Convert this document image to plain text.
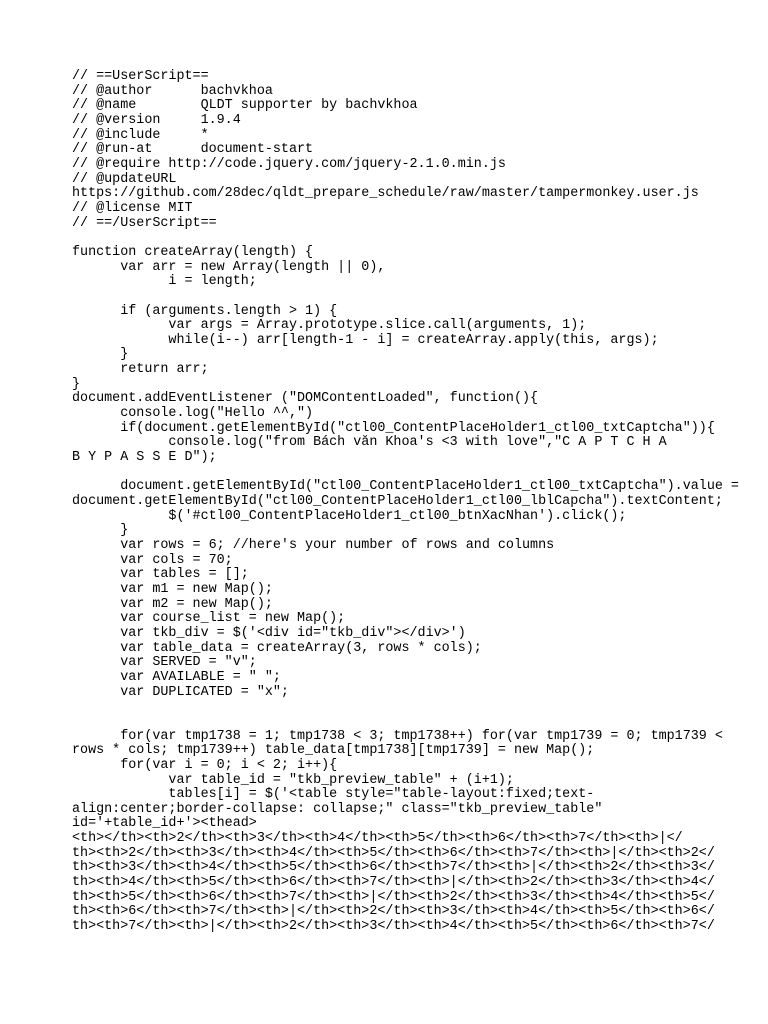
// ==UserScript==
// @author      bachvkhoa
// @name        QLDT supporter by bachvkhoa
// @version     1.9.4
// @include     *
// @run-at      document-start
// @require http://code.jquery.com/jquery-2.1.0.min.js
// @updateURL
https://github.com/28dec/qldt_prepare_schedule/raw/master/tampermonkey.user.js
// @license MIT
// ==/UserScript==
function createArray(length) {
var arr = new Array(length || 0),
i = length;
if (arguments.length > 1) {
var args = Array.prototype.slice.call(arguments, 1);
while(i--) arr[length-1 - i] = createArray.apply(this, args);
}
return arr;
}
document.addEventListener ("DOMContentLoaded", function(){
console.log("Hello ^^,")
if(document.getElementById("ctl00_ContentPlaceHolder1_ctl00_txtCaptcha")){
console.log("from Bách văn Khoa's <3 with love","C A P T C H A
B Y P A S S E D");
document.getElementById("ctl00_ContentPlaceHolder1_ctl00_txtCaptcha").value =
document.getElementById("ctl00_ContentPlaceHolder1_ctl00_lblCapcha").textContent;
$('#ctl00_ContentPlaceHolder1_ctl00_btnXacNhan').click();
}
var rows = 6; //here's your number of rows and columns
var cols = 70;
var tables = [];
var m1 = new Map();
var m2 = new Map();
var course_list = new Map();
var tkb_div = $('<div id="tkb_div"></div>')
var table_data = createArray(3, rows * cols);
var SERVED = "v";
var AVAILABLE = " ";
var DUPLICATED = "x";
for(var tmp1738 = 1; tmp1738 < 3; tmp1738++) for(var tmp1739 = 0; tmp1739 <
rows * cols; tmp1739++) table_data[tmp1738][tmp1739] = new Map();
for(var i = 0; i < 2; i++){
var table_id = "tkb_preview_table" + (i+1);
tables[i] = $('<table style="table-layout:fixed;text-
align:center;border-collapse: collapse;" class="tkb_preview_table"
id='+table_id+'><thead>
<th></th><th>2</th><th>3</th><th>4</th><th>5</th><th>6</th><th>7</th><th>|</
th><th>2</th><th>3</th><th>4</th><th>5</th><th>6</th><th>7</th><th>|</th><th>2</
th><th>3</th><th>4</th><th>5</th><th>6</th><th>7</th><th>|</th><th>2</th><th>3</
th><th>4</th><th>5</th><th>6</th><th>7</th><th>|</th><th>2</th><th>3</th><th>4</
th><th>5</th><th>6</th><th>7</th><th>|</th><th>2</th><th>3</th><th>4</th><th>5</
th><th>6</th><th>7</th><th>|</th><th>2</th><th>3</th><th>4</th><th>5</th><th>6</
th><th>7</th><th>|</th><th>2</th><th>3</th><th>4</th><th>5</th><th>6</th><th>7</
